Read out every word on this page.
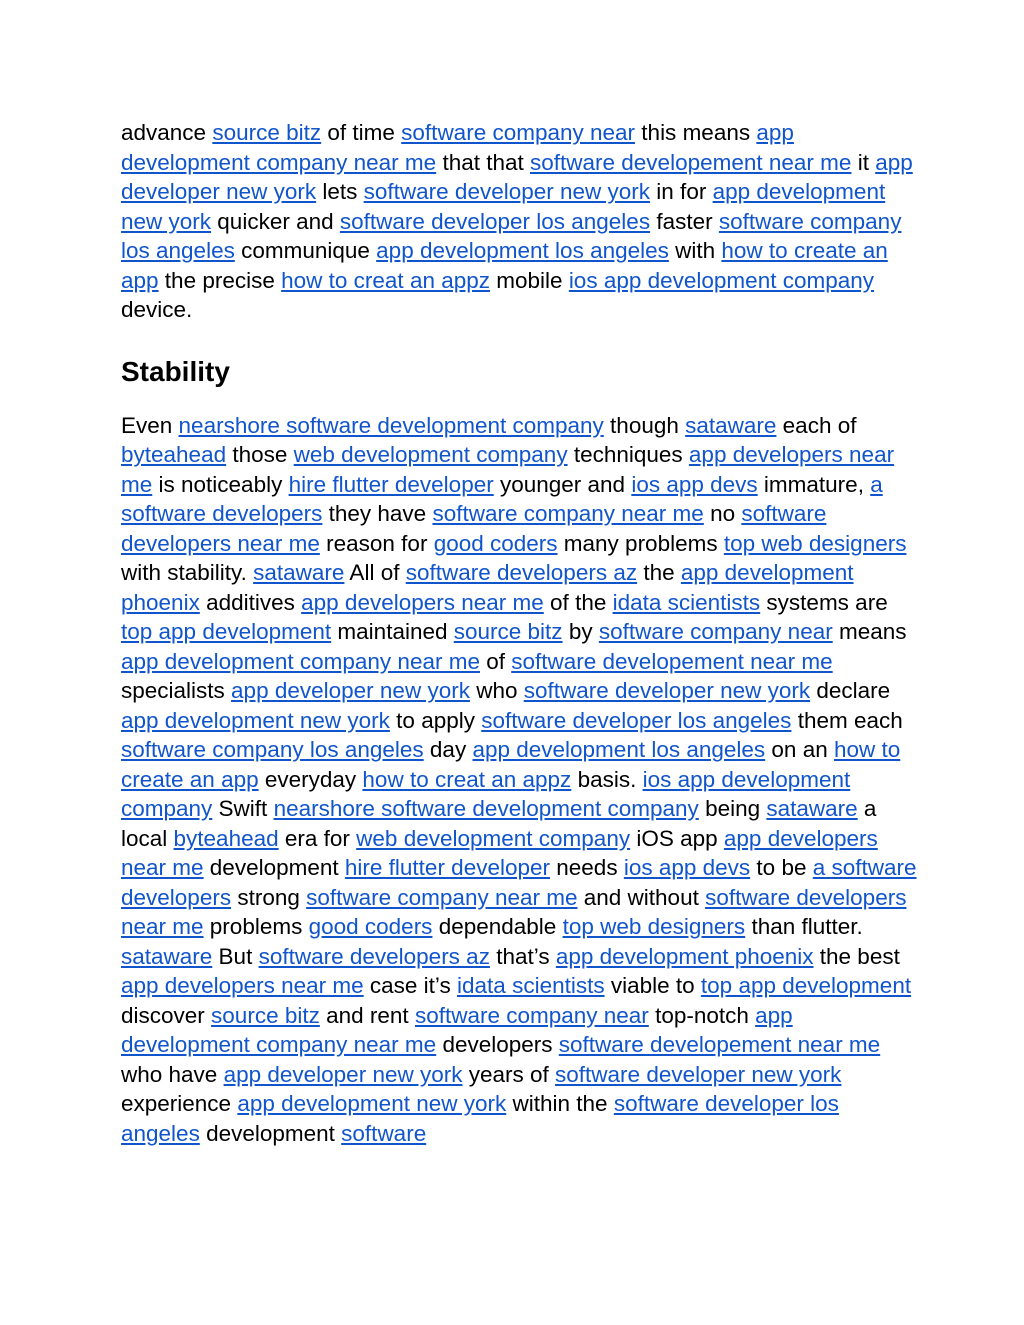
advance source bitz of time software company near this means app development company near me that that software developement near me it app developer new york lets software developer new york in for app development new york quicker and software developer los angeles faster software company los angeles communique app development los angeles with how to create an app the precise how to creat an appz mobile ios app development company device.

Stability

Even nearshore software development company though sataware each of byteahead those web development company techniques app developers near me is noticeably hire flutter developer younger and ios app devs immature, a software developers they have software company near me no software developers near me reason for good coders many problems top web designers with stability. sataware All of software developers az the app development phoenix additives app developers near me of the idata scientists systems are top app development maintained source bitz by software company near means app development company near me of software developement near me specialists app developer new york who software developer new york declare app development new york to apply software developer los angeles them each software company los angeles day app development los angeles on an how to create an app everyday how to creat an appz basis. ios app development company Swift nearshore software development company being sataware a local byteahead era for web development company iOS app app developers near me development hire flutter developer needs ios app devs to be a software developers strong software company near me and without software developers near me problems good coders dependable top web designers than flutter. sataware But software developers az that’s app development phoenix the best app developers near me case it’s idata scientists viable to top app development discover source bitz and rent software company near top-notch app development company near me developers software developement near me who have app developer new york years of software developer new york experience app development new york within the software developer los angeles development software
